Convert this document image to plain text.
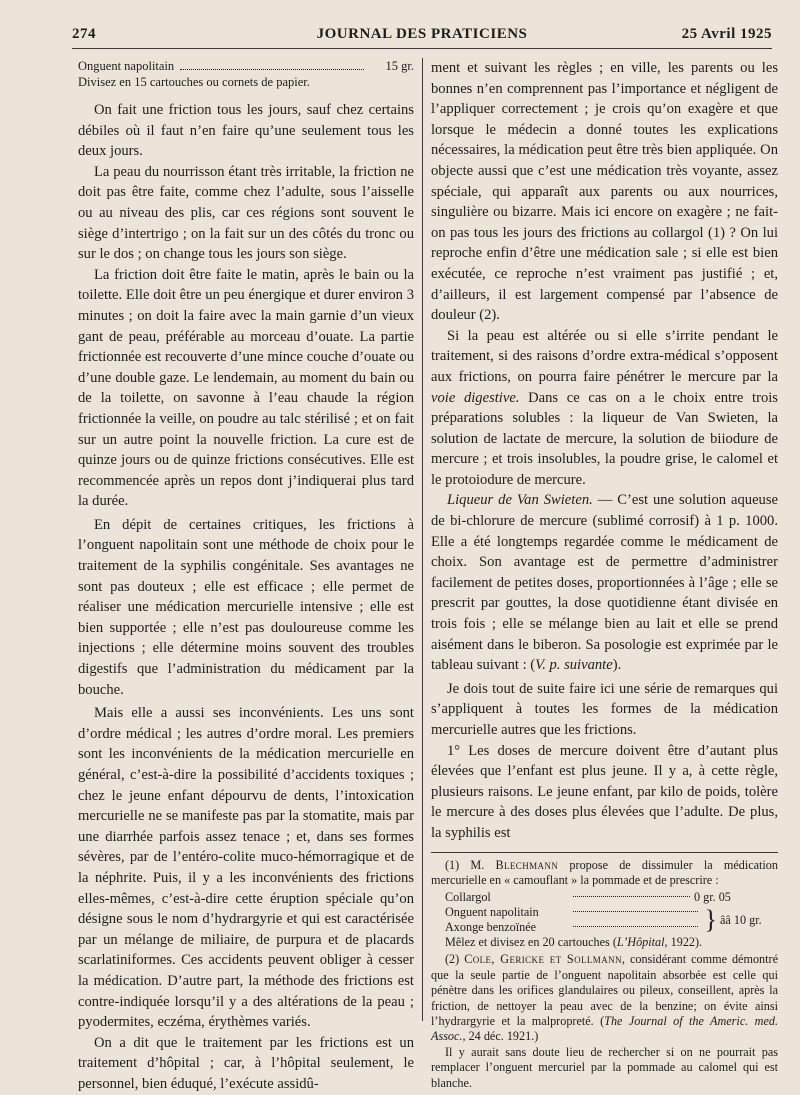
274	JOURNAL DES PRATICIENS	25 Avril 1925
Onguent napolitain	15 gr.
Divisez en 15 cartouches ou cornets de papier.

On fait une friction tous les jours, sauf chez certains débiles où il faut n’en faire qu’une seulement tous les deux jours.

La peau du nourrisson étant très irritable, la friction ne doit pas être faite, comme chez l’adulte, sous l’aisselle ou au niveau des plis, car ces régions sont souvent le siège d’intertrigo ; on la fait sur un des côtés du tronc ou sur le dos ; on change tous les jours son siège.

La friction doit être faite le matin, après le bain ou la toilette. Elle doit être un peu énergique et durer environ 3 minutes ; on doit la faire avec la main garnie d’un vieux gant de peau, préférable au morceau d’ouate. La partie frictionnée est recouverte d’une mince couche d’ouate ou d’une double gaze. Le lendemain, au moment du bain ou de la toilette, on savonne à l’eau chaude la région frictionnée la veille, on poudre au talc stérilisé ; et on fait sur un autre point la nouvelle friction. La cure est de quinze jours ou de quinze frictions consécutives. Elle est recommencée après un repos dont j’indiquerai plus tard la durée.

En dépit de certaines critiques, les frictions à l’onguent napolitain sont une méthode de choix pour le traitement de la syphilis congénitale. Ses avantages ne sont pas douteux ; elle est efficace ; elle permet de réaliser une médication mercurielle intensive ; elle est bien supportée ; elle n’est pas douloureuse comme les injections ; elle détermine moins souvent des troubles digestifs que l’administration du médicament par la bouche.

Mais elle a aussi ses inconvénients. Les uns sont d’ordre médical ; les autres d’ordre moral. Les premiers sont les inconvénients de la médication mercurielle en général, c’est-à-dire la possibilité d’accidents toxiques ; chez le jeune enfant dépourvu de dents, l’intoxication mercurielle ne se manifeste pas par la stomatite, mais par une diarrhée parfois assez tenace ; et, dans ses formes sévères, par de l’entéro-colite muco-hémorragique et de la néphrite. Puis, il y a les inconvénients des frictions elles-mêmes, c’est-à-dire cette éruption spéciale qu’on désigne sous le nom d’hydrargyrie et qui est caractérisée par un mélange de miliaire, de purpura et de placards scarlatiniformes. Ces accidents peuvent obliger à cesser la médication. D’autre part, la méthode des frictions est contre-indiquée lorsqu’il y a des altérations de la peau ; pyodermites, eczéma, érythèmes variés.

On a dit que le traitement par les frictions est un traitement d’hôpital ; car, à l’hôpital seulement, le personnel, bien éduqué, l’exécute assidû-

ment et suivant les règles ; en ville, les parents ou les bonnes n’en comprennent pas l’importance et négligent de l’appliquer correctement ; je crois qu’on exagère et que lorsque le médecin a donné toutes les explications nécessaires, la médication peut être très bien appliquée. On objecte aussi que c’est une médication très voyante, assez spéciale, qui apparaît aux parents ou aux nourrices, singulière ou bizarre. Mais ici encore on exagère ; ne fait-on pas tous les jours des frictions au collargol (1) ? On lui reproche enfin d’être une médication sale ; si elle est bien exécutée, ce reproche n’est vraiment pas justifié ; et, d’ailleurs, il est largement compensé par l’absence de douleur (2).

Si la peau est altérée ou si elle s’irrite pendant le traitement, si des raisons d’ordre extra-médical s’opposent aux frictions, on pourra faire pénétrer le mercure par la voie digestive. Dans ce cas on a le choix entre trois préparations solubles : la liqueur de Van Swieten, la solution de lactate de mercure, la solution de biiodure de mercure ; et trois insolubles, la poudre grise, le calomel et le protoiodure de mercure.

Liqueur de Van Swieten. — C’est une solution aqueuse de bi-chlorure de mercure (sublimé corrosif) à 1 p. 1000. Elle a été longtemps regardée comme le médicament de choix. Son avantage est de permettre d’administrer facilement de petites doses, proportionnées à l’âge ; elle se prescrit par gouttes, la dose quotidienne étant divisée en trois fois ; elle se mélange bien au lait et elle se prend aisément dans le biberon. Sa posologie est exprimée par le tableau suivant : (V. p. suivante).

Je dois tout de suite faire ici une série de remarques qui s’appliquent à toutes les formes de la médication mercurielle autres que les frictions.

1° Les doses de mercure doivent être d’autant plus élevées que l’enfant est plus jeune. Il y a, à cette règle, plusieurs raisons. Le jeune enfant, par kilo de poids, tolère le mercure à des doses plus élevées que l’adulte. De plus, la syphilis est

(1) M. Blechmann propose de dissimuler la médication mercurielle en « camouflant » la pommade et de prescrire :

Collargol	0 gr. 05
Onguent napolitain
Axonge benzoïnée	} ââ 10 gr.
Mêlez et divisez en 20 cartouches (L’Hôpital, 1922).

(2) Cole, Gericke et Sollmann, considérant comme démontré que la seule partie de l’onguent napolitain absorbée est celle qui pénètre dans les orifices glandulaires ou pileux, conseillent, après la friction, de nettoyer la peau avec de la benzine; on évite ainsi l’hydrargyrie et la malpropreté. (The Journal of the Americ. med. Assoc., 24 déc. 1921.)

Il y aurait sans doute lieu de rechercher si on ne pourrait pas remplacer l’onguent mercuriel par la pommade au calomel qui est blanche.
